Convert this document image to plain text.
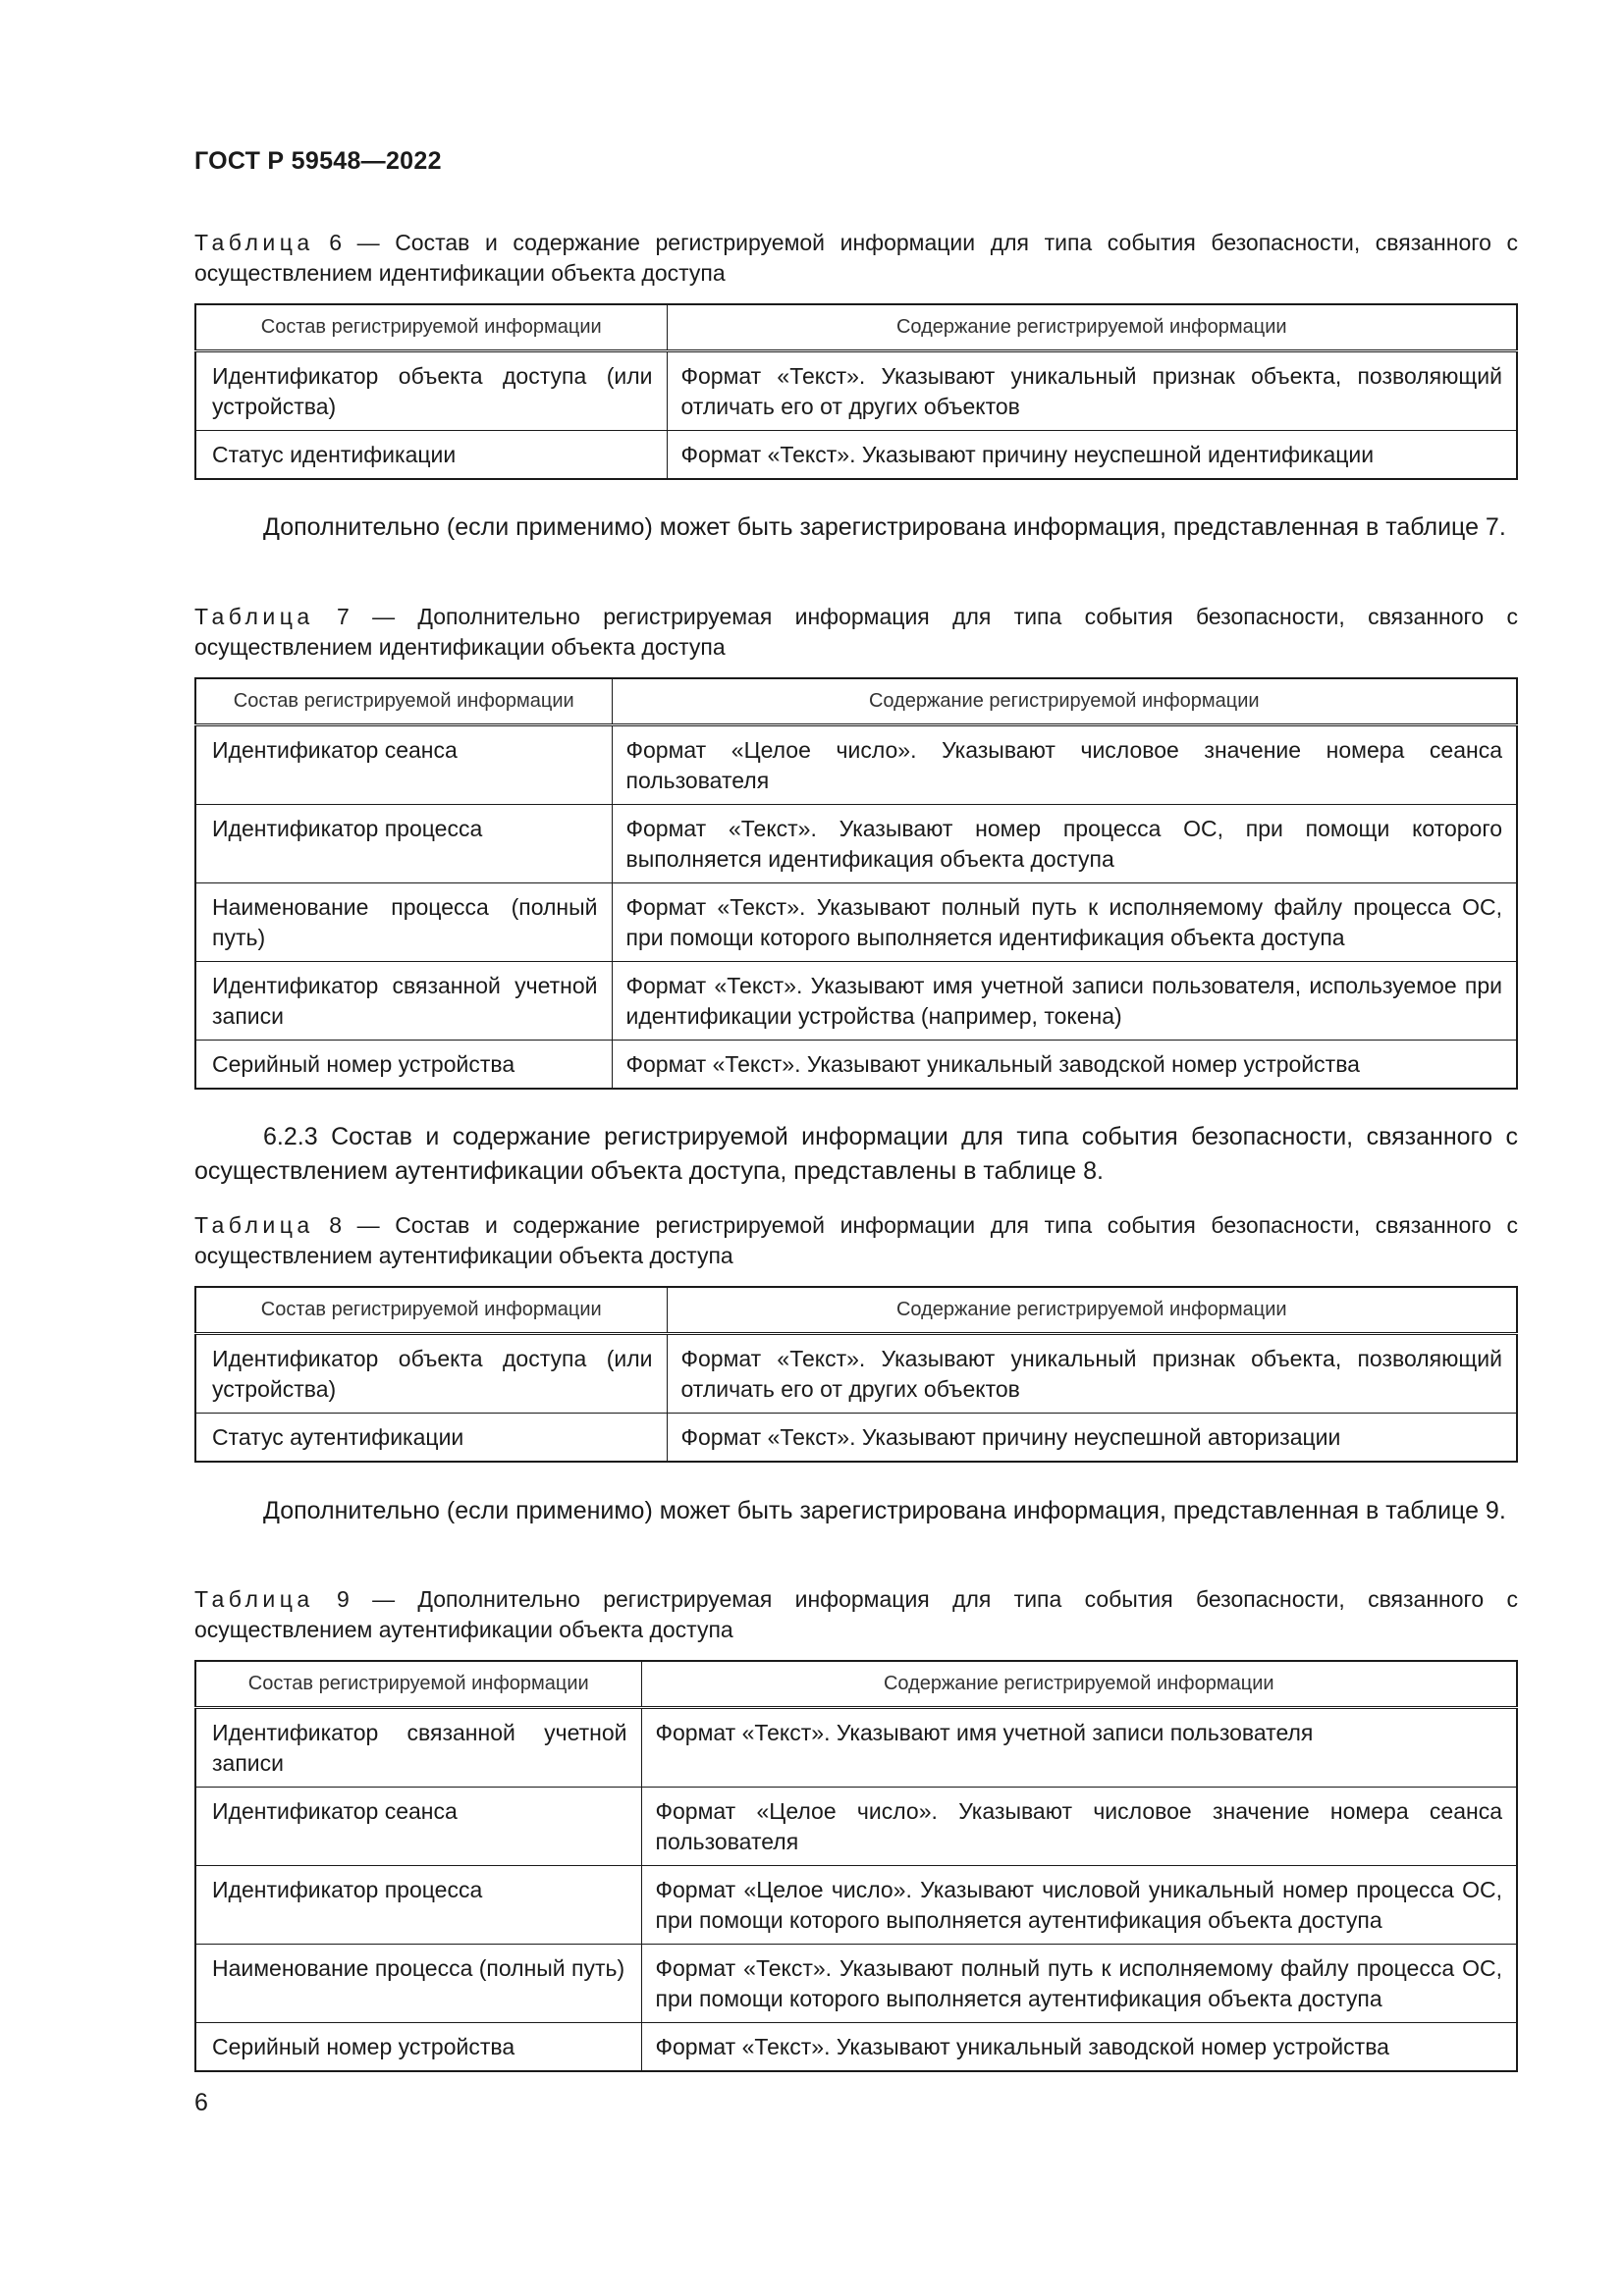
ГОСТ Р 59548—2022
Таблица 6 — Состав и содержание регистрируемой информации для типа события безопасности, связанного с осуществлением идентификации объекта доступа
Состав регистрируемой информации	Содержание регистрируемой информации
Идентификатор объекта доступа (или устройства)	Формат «Текст». Указывают уникальный признак объекта, позволяющий отличать его от других объектов
Статус идентификации	Формат «Текст». Указывают причину неуспешной идентификации
Дополнительно (если применимо) может быть зарегистрирована информация, представленная в таблице 7.
Таблица 7 — Дополнительно регистрируемая информация для типа события безопасности, связанного с осуществлением идентификации объекта доступа
Состав регистрируемой информации	Содержание регистрируемой информации
Идентификатор сеанса	Формат «Целое число». Указывают числовое значение номера сеанса пользователя
Идентификатор процесса	Формат «Текст». Указывают номер процесса ОС, при помощи которого выполняется идентификация объекта доступа
Наименование процесса (полный путь)	Формат «Текст». Указывают полный путь к исполняемому файлу процесса ОС, при помощи которого выполняется идентификация объекта доступа
Идентификатор связанной учетной записи	Формат «Текст». Указывают имя учетной записи пользователя, используемое при идентификации устройства (например, токена)
Серийный номер устройства	Формат «Текст». Указывают уникальный заводской номер устройства
6.2.3 Состав и содержание регистрируемой информации для типа события безопасности, связанного с осуществлением аутентификации объекта доступа, представлены в таблице 8.
Таблица 8 — Состав и содержание регистрируемой информации для типа события безопасности, связанного с осуществлением аутентификации объекта доступа
Состав регистрируемой информации	Содержание регистрируемой информации
Идентификатор объекта доступа (или устройства)	Формат «Текст». Указывают уникальный признак объекта, позволяющий отличать его от других объектов
Статус аутентификации	Формат «Текст». Указывают причину неуспешной авторизации
Дополнительно (если применимо) может быть зарегистрирована информация, представленная в таблице 9.
Таблица 9 — Дополнительно регистрируемая информация для типа события безопасности, связанного с осуществлением аутентификации объекта доступа
Состав регистрируемой информации	Содержание регистрируемой информации
Идентификатор связанной учетной записи	Формат «Текст». Указывают имя учетной записи пользователя
Идентификатор сеанса	Формат «Целое число». Указывают числовое значение номера сеанса пользователя
Идентификатор процесса	Формат «Целое число». Указывают числовой уникальный номер процесса ОС, при помощи которого выполняется аутентификация объекта доступа
Наименование процесса (полный путь)	Формат «Текст». Указывают полный путь к исполняемому файлу процесса ОС, при помощи которого выполняется аутентификация объекта доступа
Серийный номер устройства	Формат «Текст». Указывают уникальный заводской номер устройства
6
